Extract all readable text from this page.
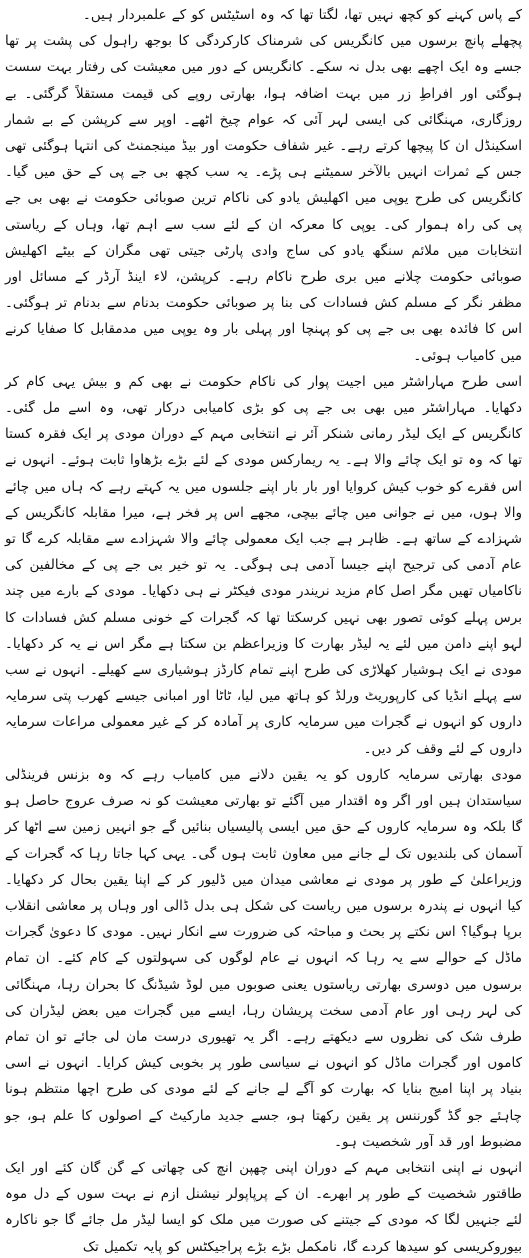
کے پاس کہنے کو کچھ نہیں تھا، لگتا تھا کہ وہ اسٹیٹس کو کے علمبردار ہیں۔

پچھلے پانچ برسوں میں کانگریس کی شرمناک کارکردگی کا بوجھ راہول کی پشت پر تھا جسے وہ ایک اچھے بھی بدل نہ سکے۔ کانگریس کے دور میں معیشت کی رفتار بہت سست ہوگئی اور افراطِ زر میں بہت اضافہ ہوا، بھارتی روپے کی قیمت مستقلاً گرگئی۔ بے روزگاری، مہنگائی کی ایسی لہر آئی کہ عوام چیخ اٹھے۔ اوپر سے کرپشن کے بے شمار اسکینڈل ان کا پیچھا کرتے رہے۔ غیر شفاف حکومت اور بیڈ مینجمنٹ کی انتہا ہوگئی تھی جس کے ثمرات انہیں بالآخر سمیٹنے ہی پڑے۔ یہ سب کچھ بی جے پی کے حق میں گیا۔ کانگریس کی طرح یوپی میں اکھلیش یادو کی ناکام ترین صوبائی حکومت نے بھی بی جے پی کی راہ ہموار کی۔ یوپی کا معرکہ ان کے لئے سب سے اہم تھا، وہاں کے ریاستی انتخابات میں ملائم سنگھ یادو کی ساج وادی پارٹی جیتی تھی مگران کے بیٹے اکھلیش صوبائی حکومت چلانے میں بری طرح ناکام رہے۔ کرپشن، لاء اینڈ آرڈر کے مسائل اور مظفر نگر کے مسلم کش فسادات کی بنا پر صوبائی حکومت بدنام سے بدنام تر ہوگئی۔ اس کا فائدہ بھی بی جے پی کو پہنچا اور پہلی بار وہ یوپی میں مدمقابل کا صفایا کرنے میں کامیاب ہوئی۔

اسی طرح مہاراشٹر میں اجیت پوار کی ناکام حکومت نے بھی کم و بیش یہی کام کر دکھایا۔ مہاراشٹر میں بھی بی جے پی کو بڑی کامیابی درکار تھی، وہ اسے مل گئی۔ کانگریس کے ایک لیڈر رمانی شنکر آئر نے انتخابی مہم کے دوران مودی پر ایک فقرہ کستا تھا کہ وہ تو ایک چائے والا ہے۔ یہ ریمارکس مودی کے لئے بڑے بڑھاوا ثابت ہوئے۔ انہوں نے اس فقرے کو خوب کیش کروایا اور بار بار اپنے جلسوں میں یہ کہتے رہے کہ ہاں میں چائے والا ہوں، میں نے جوانی میں چائے بیچی، مجھے اس پر فخر ہے، میرا مقابلہ کانگریس کے شہزادے کے ساتھ ہے۔ ظاہر ہے جب ایک معمولی چائے والا شہزادے سے مقابلہ کرے گا تو عام آدمی کی ترجیح اپنے جیسا آدمی ہی ہوگی۔ یہ تو خیر بی جے پی کے مخالفین کی ناکامیاں تھیں مگر اصل کام مزید نریندر مودی فیکٹر نے ہی دکھایا۔ مودی کے بارے میں چند برس پہلے کوئی تصور بھی نہیں کرسکتا تھا کہ گجرات کے خونی مسلم کش فسادات کا لہو اپنے دامن میں لئے یہ لیڈر بھارت کا وزیراعظم بن سکتا ہے مگر اس نے یہ کر دکھایا۔ مودی نے ایک ہوشیار کھلاڑی کی طرح اپنے تمام کارڈز ہوشیاری سے کھیلے۔ انہوں نے سب سے پہلے انڈیا کی کارپوریٹ ورلڈ کو ہاتھ میں لیا، ٹاٹا اور امبانی جیسے کھرب پتی سرمایہ داروں کو انہوں نے گجرات میں سرمایہ کاری پر آمادہ کر کے غیر معمولی مراعات سرمایہ داروں کے لئے وقف کر دیں۔

مودی بھارتی سرمایہ کاروں کو یہ یقین دلانے میں کامیاب رہے کہ وہ بزنس فرینڈلی سیاستدان ہیں اور اگر وہ اقتدار میں آگئے تو بھارتی معیشت کو نہ صرف عروج حاصل ہو گا بلکہ وہ سرمایہ کاروں کے حق میں ایسی پالیسیاں بنائیں گے جو انہیں زمین سے اٹھا کر آسمان کی بلندیوں تک لے جانے میں معاون ثابت ہوں گی۔ یہی کہا جاتا رہا کہ گجرات کے وزیراعلیٰ کے طور پر مودی نے معاشی میدان میں ڈلیور کر کے اپنا یقین بحال کر دکھایا۔ کیا انہوں نے پندرہ برسوں میں ریاست کی شکل ہی بدل ڈالی اور وہاں پر معاشی انقلاب برپا ہوگیا؟ اس نکتے پر بحث و مباحثہ کی ضرورت سے انکار نہیں۔ مودی کا دعویٰ گجرات ماڈل کے حوالے سے یہ رہا کہ انہوں نے عام لوگوں کی سہولتوں کے کام کئے۔ ان تمام برسوں میں دوسری بھارتی ریاستوں یعنی صوبوں میں لوڈ شیڈنگ کا بحران رہا، مہنگائی کی لہر رہی اور عام آدمی سخت پریشان رہا، ایسے میں گجرات میں بعض لیڈران کی طرف شک کی نظروں سے دیکھتے رہے۔ اگر یہ تھیوری درست مان لی جائے تو ان تمام کاموں اور گجرات ماڈل کو انہوں نے سیاسی طور پر بخوبی کیش کرایا۔ انہوں نے اسی بنیاد پر اپنا امیج بنایا کہ بھارت کو آگے لے جانے کے لئے مودی کی طرح اچھا منتظم ہونا چاہئے جو گڈ گورننس پر یقین رکھتا ہو، جسے جدید مارکیٹ کے اصولوں کا علم ہو، جو مضبوط اور قد آور شخصیت ہو۔

انہوں نے اپنی انتخابی مہم کے دوران اپنی چھپن انچ کی چھاتی کے گن گان کئے اور ایک طاقتور شخصیت کے طور پر ابھرے۔ ان کے پرپاپولر نیشنل ازم نے بہت سوں کے دل موہ لئے جنہیں لگا کہ مودی کے جیتنے کی صورت میں ملک کو ایسا لیڈر مل جائے گا جو ناکارہ بیوروکریسی کو سیدھا کردے گا، نامکمل بڑے بڑے پراجیکٹس کو پایہ تکمیل تک
